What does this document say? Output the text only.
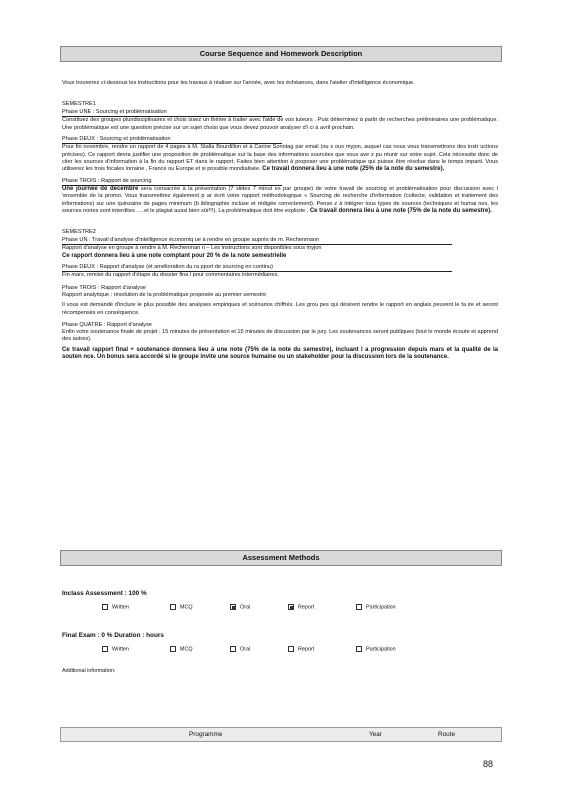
Course Sequence and Homework Description

Vous trouverez ci-dessous les instructions pour les travaux à réaliser sur l'année, avec les échéances, dans l'atelier d'intelligence économique.

SEMESTRE1
Phase UNE : Sourcing et problématisation

Constituez des groupes pluridisciplinaires et chois issez un thème à traiter avec l'aide de vos tuteurs . Puis déterminez à partir de recherches préliminaires une problématique. Une problématique est une question précise sur un sujet choisi que vous devez pouvoir analyser d'i ci à avril prochain.

Phase DEUX : Sourcing et problématisation

Pour fin novembre, rendre un rapport de 4 pages à M. Stalla Bourdillon et à Carine Sonntag par email (ou s ous myjon, auquel cas nous vous transmettrons des instr uctions précises). Ce rapport devra justifier une proposition de problématique sur la base des informations sourcées que vous ave z pu réunir sur votre sujet. Cela nécessite donc de citer les sources d'information à la fin du rapport ET dans le rapport. Faites bien attention à proposer une problématique qui puisse être résolue dans le temps imparti. Vous utiliserez les trois focales lorraine , France ou Europe et si possible mondialisée. Ce travail donnera lieu à une note (25% de la note du semestre).

Phase TROIS : Rapport de sourcing

Une journée de décembre sera consacrée à la présentation (7 slides 7 minut es par groupe) de votre travail de sourcing et problématisation pour discussion avec l 'ensemble de la promo. Vous transmettrez également p ar écrit votre rapport méthodologique « Sourcing de recherche d'information (collecte, validation et traitement des informations) sur une quinzaine de pages minimum (b ibliographie incluse et rédigée correctement). Pense z à intégrer tous types de sources (techniques et humai nes, les sources noires sont interdites .....et le plagiat aussi bien sûr!!!). La problématique doit être explicite . Ce travail donnera lieu à une note (75% de la note du semestre).

SEMESTRE2
Phase UN : Travail d'analyse d'intelligence économiq ue à rendre en groupe auprès de m. Rechenmann

Rapport d'analyse en groupe à rendre à M. Rechenman n – Les instructions sont disponibles sous myjon
Ce rapport donnera lieu à une note comptant pour 20 % de la note semestrielle

Phase DEUX : Rapport d'analyse (et amélioration du ra pport de sourcing en continu)

Fin mars, remise du rapport d'étape du dossier fina l pour commentaires intermédiaires.

Phase TROIS : Rapport d'analyse

Rapport analytique : résolution de la problématique proposée au premier semestre

Il vous est demandé d'inclure le plus possible des analyses empiriques et scénarios chiffrés. Les grou pes qui désirent rendre le rapport en anglais peuvent le fa ire et seront récompensés en conséquence.

Phase QUATRE : Rapport d'analyse

Enfin votre soutenance finale de projet : 15 minutes de présentation et 15 minutes de discussion par le jury. Les soutenances seront publiques (tout le monde écoute et apprend des autres).

Ce travail rapport final + soutenance donnera lieu à une note (75% de la note du semestre), incluant l a progression depuis mars et la qualité de la souten nce. Un bonus sera accordé si le groupe invite une source humaine ou un stakeholder pour la discussion lors de la soutenance.

Assessment Methods
Inclass Assessment : 100 %
Written	MCQ	Oral	Report	Participation
Final Exam : 0 % Duration : hours
Written	MCQ	Oral	Report	Participation
Additional information:
Programme	Year	Route
88
